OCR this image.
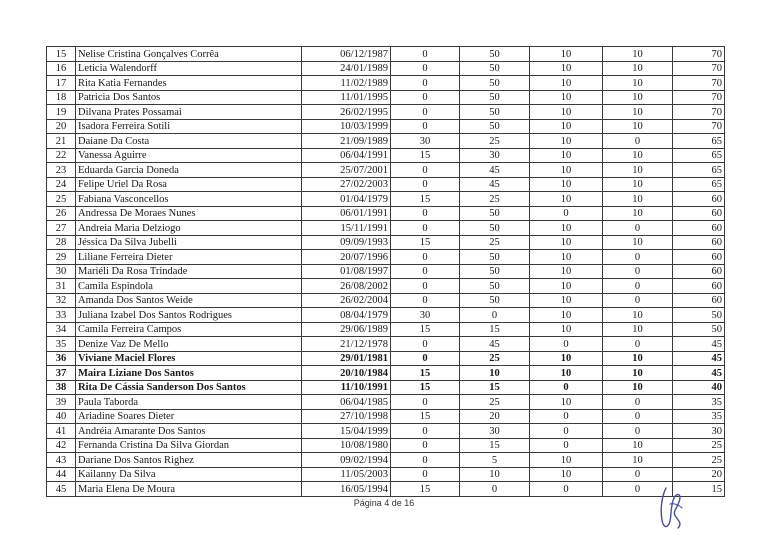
15	Nelise Cristina Gonçalves Corrêa	06/12/1987	0	50	10	10	70
16	Leticia Walendorff	24/01/1989	0	50	10	10	70
17	Rita Katia Fernandes	11/02/1989	0	50	10	10	70
18	Patricia Dos Santos	11/01/1995	0	50	10	10	70
19	Dilvana Prates Possamai	26/02/1995	0	50	10	10	70
20	Isadora Ferreira Sotili	10/03/1999	0	50	10	10	70
21	Daiane Da Costa	21/09/1989	30	25	10	0	65
22	Vanessa Aguirre	06/04/1991	15	30	10	10	65
23	Eduarda Garcia Doneda	25/07/2001	0	45	10	10	65
24	Felipe Uriel Da Rosa	27/02/2003	0	45	10	10	65
25	Fabiana Vasconcellos	01/04/1979	15	25	10	10	60
26	Andressa De Moraes Nunes	06/01/1991	0	50	0	10	60
27	Andreia Maria Delziogo	15/11/1991	0	50	10	0	60
28	Jéssica Da Silva Jubelli	09/09/1993	15	25	10	10	60
29	Liliane Ferreira Dieter	20/07/1996	0	50	10	0	60
30	Mariéli Da Rosa Trindade	01/08/1997	0	50	10	0	60
31	Camila Espindola	26/08/2002	0	50	10	0	60
32	Amanda Dos Santos Weide	26/02/2004	0	50	10	0	60
33	Juliana Izabel Dos Santos Rodrigues	08/04/1979	30	0	10	10	50
34	Camila Ferreira Campos	29/06/1989	15	15	10	10	50
35	Denize Vaz De Mello	21/12/1978	0	45	0	0	45
36	Viviane Maciel Flores	29/01/1981	0	25	10	10	45
37	Maira Liziane Dos Santos	20/10/1984	15	10	10	10	45
38	Rita De Cássia Sanderson Dos Santos	11/10/1991	15	15	0	10	40
39	Paula Taborda	06/04/1985	0	25	10	0	35
40	Ariadine Soares Dieter	27/10/1998	15	20	0	0	35
41	Andréia Amarante Dos Santos	15/04/1999	0	30	0	0	30
42	Fernanda Cristina Da Silva Giordan	10/08/1980	0	15	0	10	25
43	Dariane Dos Santos Righez	09/02/1994	0	5	10	10	25
44	Kailanny Da Silva	11/05/2003	0	10	10	0	20
45	Maria Elena De Moura	16/05/1994	15	0	0	0	15
Página 4 de 16
